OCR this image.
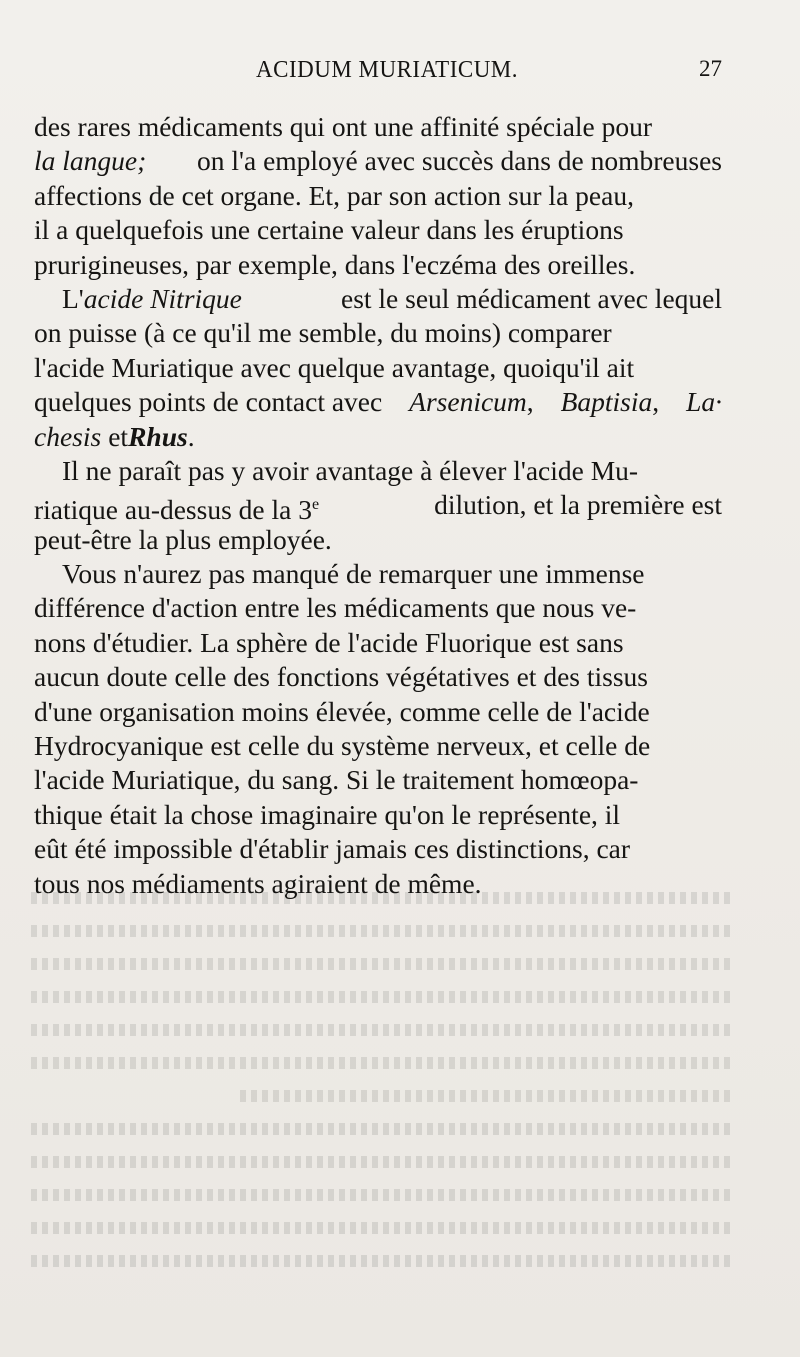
ACIDUM MURIATICUM.	27
des rares médicaments qui ont une affinité spéciale pour
la langue; on l'a employé avec succès dans de nombreuses
affections de cet organe. Et, par son action sur la peau,
il a quelquefois une certaine valeur dans les éruptions
prurigineuses, par exemple, dans l'eczéma des oreilles.
L'acide Nitrique	est le seul médicament avec lequel
on puisse (à ce qu'il me semble, du moins) comparer
l'acide Muriatique avec quelque avantage, quoiqu'il ait
quelques points de contact avec Arsenicum, Baptisia, La·
chesis et Rhus.
Il ne paraît pas y avoir avantage à élever l'acide Mu-
riatique au-dessus de la 3e	dilution, et la première est
peut-être la plus employée.
Vous n'aurez pas manqué de remarquer une immense
différence d'action entre les médicaments que nous ve-
nons d'étudier. La sphère de l'acide Fluorique est sans
aucun doute celle des fonctions végétatives et des tissus
d'une organisation moins élevée, comme celle de l'acide
Hydrocyanique est celle du système nerveux, et celle de
l'acide Muriatique, du sang. Si le traitement homœopa-
thique était la chose imaginaire qu'on le représente, il
eût été impossible d'établir jamais ces distinctions, car
tous nos médiaments agiraient de même.
